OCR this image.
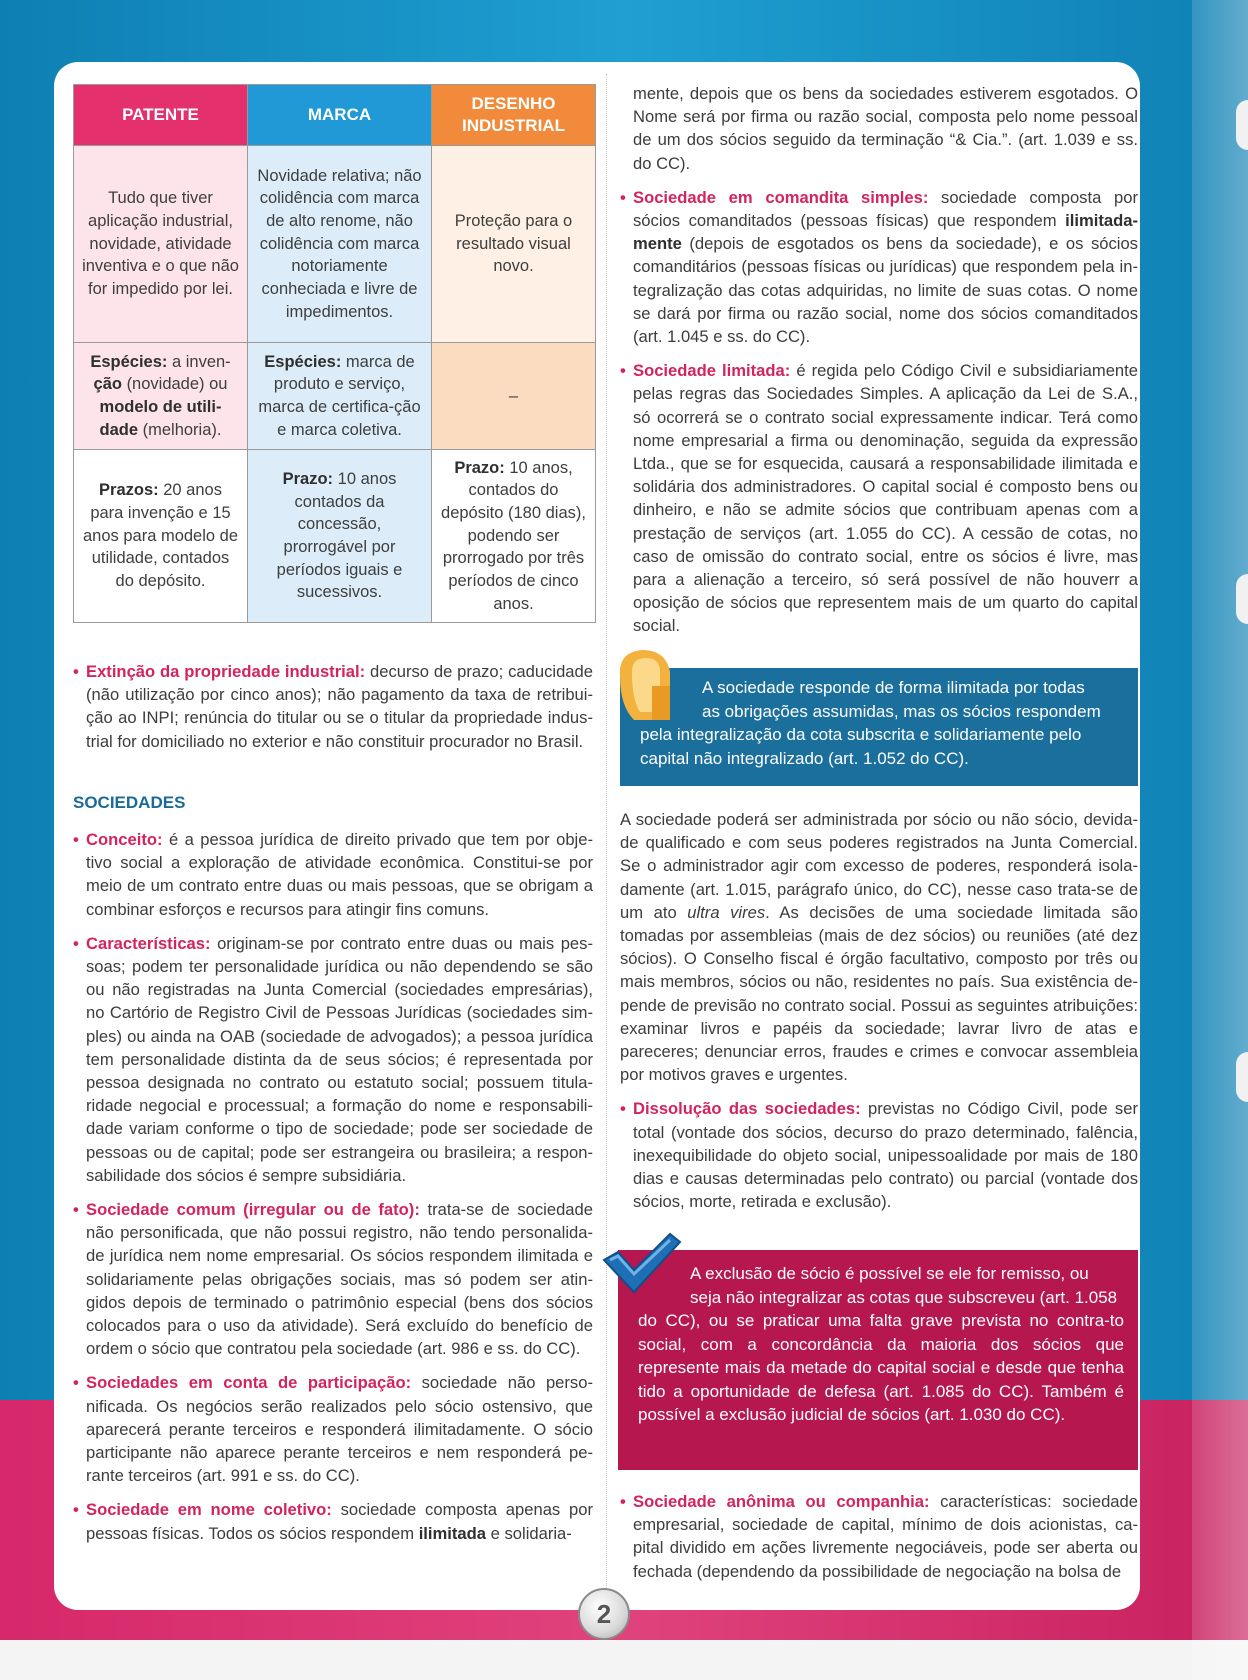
PATENTE	MARCA	DESENHO INDUSTRIAL
Tudo que tiver aplicação industrial, novidade, atividade inventiva e o que não for impedido por lei.	Novidade relativa; não colidência com marca de alto renome, não colidência com marca notoriamente conheciada e livre de impedimentos.	Proteção para o resultado visual novo.
Espécies: a inven- ção (novidade) ou modelo de utili- dade (melhoria).	Espécies: marca de produto e serviço, marca de certifica-ção e marca coletiva.	–
Prazos: 20 anos para invenção e 15 anos para modelo de utilidade, contados do depósito.	Prazo: 10 anos contados da concessão, prorrogável por períodos iguais e sucessivos.	Prazo: 10 anos, contados do depósito (180 dias), podendo ser prorrogado por três períodos de cinco anos.

• Extinção da propriedade industrial: decurso de prazo; caducidade (não utilização por cinco anos); não pagamento da taxa de retribui-ção ao INPI; renúncia do titular ou se o titular da propriedade indus-trial for domiciliado no exterior e não constituir procurador no Brasil.

SOCIEDADES

• Conceito: é a pessoa jurídica de direito privado que tem por obje-tivo social a exploração de atividade econômica. Constitui-se por meio de um contrato entre duas ou mais pessoas, que se obrigam a combinar esforços e recursos para atingir fins comuns.

• Características: originam-se por contrato entre duas ou mais pes-soas; podem ter personalidade jurídica ou não dependendo se são ou não registradas na Junta Comercial (sociedades empresárias), no Cartório de Registro Civil de Pessoas Jurídicas (sociedades sim-ples) ou ainda na OAB (sociedade de advogados); a pessoa jurídica tem personalidade distinta da de seus sócios; é representada por pessoa designada no contrato ou estatuto social; possuem titula-ridade negocial e processual; a formação do nome e responsabili-dade variam conforme o tipo de sociedade; pode ser sociedade de pessoas ou de capital; pode ser estrangeira ou brasileira; a respon-sabilidade dos sócios é sempre subsidiária.

• Sociedade comum (irregular ou de fato): trata-se de sociedade não personificada, que não possui registro, não tendo personalida-de jurídica nem nome empresarial. Os sócios respondem ilimitada e solidariamente pelas obrigações sociais, mas só podem ser atin-gidos depois de terminado o patrimônio especial (bens dos sócios colocados para o uso da atividade). Será excluído do benefício de ordem o sócio que contratou pela sociedade (art. 986 e ss. do CC).

• Sociedades em conta de participação: sociedade não perso-nificada. Os negócios serão realizados pelo sócio ostensivo, que aparecerá perante terceiros e responderá ilimitadamente. O sócio participante não aparece perante terceiros e nem responderá pe-rante terceiros (art. 991 e ss. do CC).

• Sociedade em nome coletivo: sociedade composta apenas por pessoas físicas. Todos os sócios respondem ilimitada e solidaria-

mente, depois que os bens da sociedades estiverem esgotados. O Nome será por firma ou razão social, composta pelo nome pessoal de um dos sócios seguido da terminação “& Cia.”. (art. 1.039 e ss. do CC).

• Sociedade em comandita simples: sociedade composta por sócios comanditados (pessoas físicas) que respondem ilimitada-mente (depois de esgotados os bens da sociedade), e os sócios comanditários (pessoas físicas ou jurídicas) que respondem pela in-tegralização das cotas adquiridas, no limite de suas cotas. O nome se dará por firma ou razão social, nome dos sócios comanditados (art. 1.045 e ss. do CC).

• Sociedade limitada: é regida pelo Código Civil e subsidiariamente pelas regras das Sociedades Simples. A aplicação da Lei de S.A., só ocorrerá se o contrato social expressamente indicar. Terá como nome empresarial a firma ou denominação, seguida da expressão Ltda., que se for esquecida, causará a responsabilidade ilimitada e solidária dos administradores. O capital social é composto bens ou dinheiro, e não se admite sócios que contribuam apenas com a prestação de serviços (art. 1.055 do CC). A cessão de cotas, no caso de omissão do contrato social, entre os sócios é livre, mas para a alienação a terceiro, só será possível de não houverr a oposição de sócios que representem mais de um quarto do capital social.

A sociedade responde de forma ilimitada por todas
as obrigações assumidas, mas os sócios respondem
pela integralização da cota subscrita e solidariamente pelo capital não integralizado (art. 1.052 do CC).

A sociedade poderá ser administrada por sócio ou não sócio, devida-de qualificado e com seus poderes registrados na Junta Comercial. Se o administrador agir com excesso de poderes, responderá isola-damente (art. 1.015, parágrafo único, do CC), nesse caso trata-se de um ato ultra vires. As decisões de uma sociedade limitada são tomadas por assembleias (mais de dez sócios) ou reuniões (até dez sócios). O Conselho fiscal é órgão facultativo, composto por três ou mais membros, sócios ou não, residentes no país. Sua existência de-pende de previsão no contrato social. Possui as seguintes atribuições: examinar livros e papéis da sociedade; lavrar livro de atas e pareceres; denunciar erros, fraudes e crimes e convocar assembleia por motivos graves e urgentes.

• Dissolução das sociedades: previstas no Código Civil, pode ser total (vontade dos sócios, decurso do prazo determinado, falência, inexequibilidade do objeto social, unipessoalidade por mais de 180 dias e causas determinadas pelo contrato) ou parcial (vontade dos sócios, morte, retirada e exclusão).

A exclusão de sócio é possível se ele for remisso, ou
seja não integralizar as cotas que subscreveu (art. 1.058
do CC), ou se praticar uma falta grave prevista no contra-to social, com a concordância da maioria dos sócios que represente mais da metade do capital social e desde que tenha tido a oportunidade de defesa (art. 1.085 do CC). Também é possível a exclusão judicial de sócios (art. 1.030 do CC).

• Sociedade anônima ou companhia: características: sociedade empresarial, sociedade de capital, mínimo de dois acionistas, ca-pital dividido em ações livremente negociáveis, pode ser aberta ou fechada (dependendo da possibilidade de negociação na bolsa de

2
